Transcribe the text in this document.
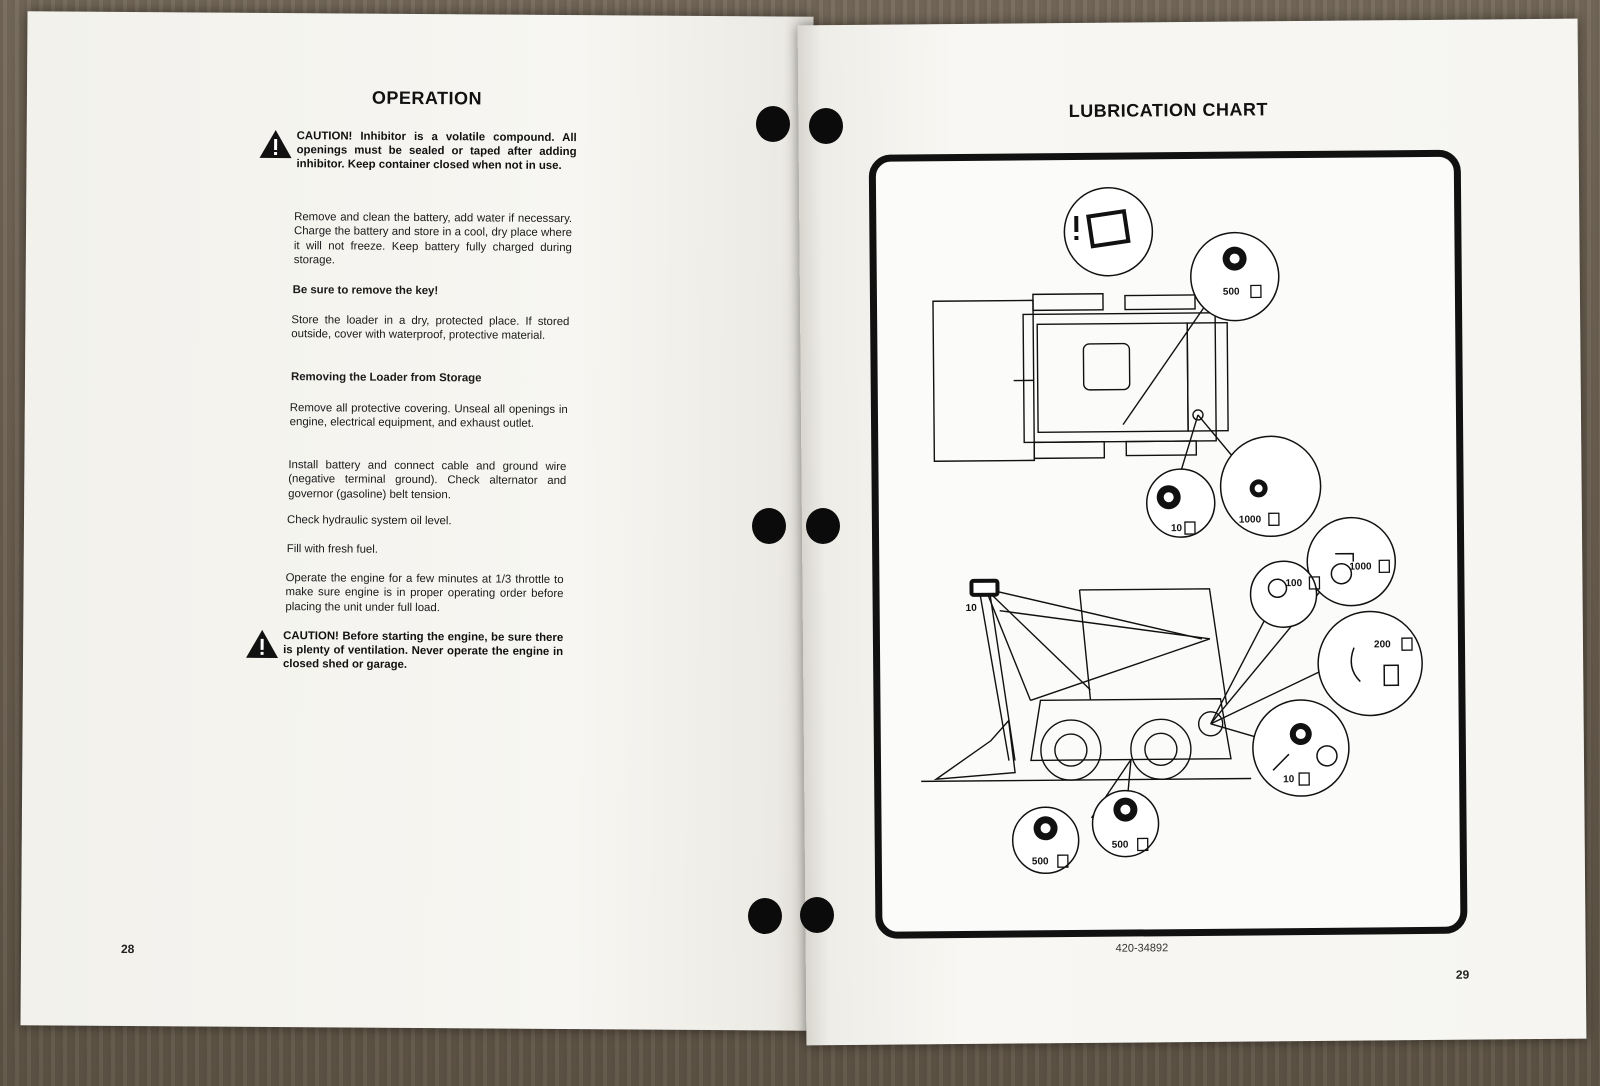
OPERATION
CAUTION! Inhibitor is a volatile compound. All openings must be sealed or taped after adding inhibitor. Keep container closed when not in use.
Remove and clean the battery, add water if necessary. Charge the battery and store in a cool, dry place where it will not freeze. Keep battery fully charged during storage.
Be sure to remove the key!
Store the loader in a dry, protected place. If stored outside, cover with waterproof, protective material.
Removing the Loader from Storage
Remove all protective covering. Unseal all openings in engine, electrical equipment, and exhaust outlet.
Install battery and connect cable and ground wire (negative terminal ground). Check alternator and governor (gasoline) belt tension.
Check hydraulic system oil level.
Fill with fresh fuel.
Operate the engine for a few minutes at 1/3 throttle to make sure engine is in proper operating order before placing the unit under full load.
CAUTION! Before starting the engine, be sure there is plenty of ventilation. Never operate the engine in closed shed or garage.
28
LUBRICATION CHART
500
10
1000
1000
10
100
200
10
500
500
420-34892
29
